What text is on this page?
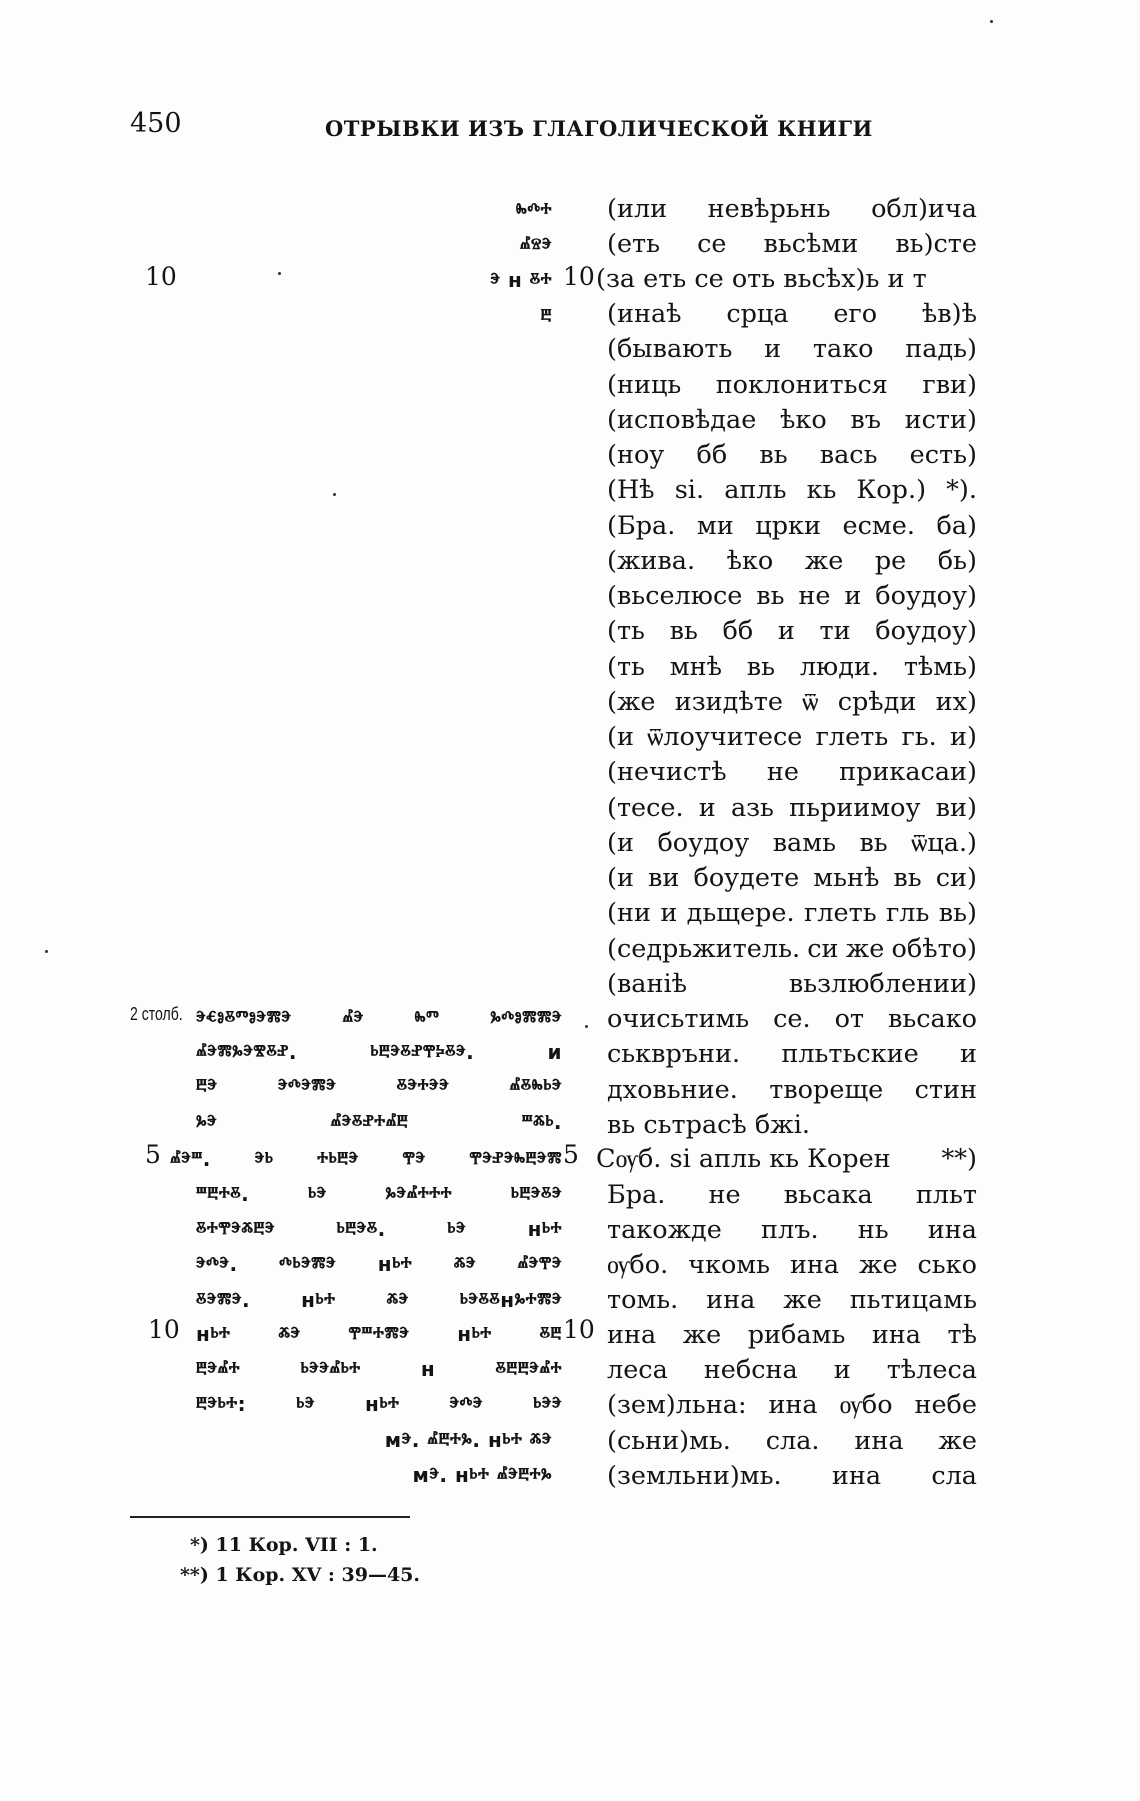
450	ОТРЫВКИ ИЗЪ ГЛАГОЛИЧЕСКОЙ КНИГИ
10	10
5	5
10	10
2 столб.
ⰸⰴⰰ
ⰼⱄⰵ
ⰵ н ⰻⰰ
ⰱ
ⰵⱔⱁⰻⱅⱁⰵⰿⰵ	ⰼⰵ	ⰸⱅ	ⰳⰴⱁⰿⰿⰵ
ⰼⰵⰿⰳⰵⰺⰻⱀ.	ⱃⰱⰵⰻⱀⰹⰽⰻⰵ.	и
ⰱⰵ	ⰵⰴⰵⰿⰵ	ⰻⰵⰰⰵⰵ	ⰼⰻⰸⱃⰵ
ⰳⰵ	ⰼⰵⰻⱀⰰⰼⰱ	ⱎⰶⱃ.
ⰼⰵⱎ. ⰵⱃ ⰰⱃⰱⰵ ⰹⰵ ⰹⰵⱀⰵⰸⰱⰵⰿ
ⱎⰱⰰⰻ.	ⱃⰵ	ⰳⰵⰼⰰⰰⰰ	ⱃⰱⰵⰻⰵ
ⰻⰰⰹⰵⰶⰱⰵ	ⱃⰱⰵⰻ.	ⱃⰵ	нⱃⰰ
ⰵⰴⰵ. ⰴⱃⰵⰿⰵ нⱃⰰ ⰶⰵ ⰼⰵⰹⰵ
ⰻⰵⰿⰵ.	нⱃⰰ	ⰶⰵ	ⱃⰵⰻⰻнⰳⰰⰿⰵ
нⱃⰰ ⰶⰵ ⰹⱎⰰⰿⰵ нⱃⰰ ⰻⰱ
ⰱⰵⰼⰰ	ⱃⰵⰵⰼⱃⰰ	н	ⰻⰱⰱⰵⰼⰰ
ⰱⰵⱃⰰ:	ⱃⰵ	нⱃⰰ	ⰵⰴⰵ	ⱃⰵⰵ
мⰵ. ⰼⰱⰰⰳ. нⱃⰰ ⰶⰵ
мⰵ. нⱃⰰ ⰼⰵⰱⰰⰳ
(или невѣрьнь обл)ича
(еть се вьсѣми вь)сте
(за еть се оть вьсѣх)ь и т
(инаѣ срца его ѣв)ѣ
(бывають и тако падь)
(ниць поклониться гви)
(исповѣдае ѣко въ исти)
(ноу бб вь вась есть)
(Нѣ ѕі. апль кь Кор.) *).
(Бра. ми црки есме. ба)
(жива. ѣко же ре бь)
(вьселюсе вь не и боудоу)
(ть вь бб и ти боудоу)
(ть мнѣ вь люди. тѣмь)
(же изидѣте ѿ срѣди их)
(и ѿлоучитесе глеть гь. и)
(нечистѣ не прикасаи)
(тесе. и азь пьриимоу ви)
(и боудоу вамь вь ѿца.)
(и ви боудете мьнѣ вь си)
(ни и дьщере. глеть гль вь)
(седрьжитель. си же обѣто)
(ванiѣ	вьзлюблении)
очисьтимь се. от вьсако
ськвръни. пльтьские и
дховьние. твореще стин
вь сьтрасѣ бжi.
Сѹб. ѕі апль кь Корен **)
Бра. не вьсака пльт
такожде плъ. нь ина
ѹбо. чкомь ина же сько
томь. ина же пьтицамь
ина же рибамь ина тѣ
леса небсна и тѣлеса
(зем)льна: ина ѹбо небе
(сьни)мь. сла. ина же
(земльни)мь. ина сла
*) 11 Кор. VII : 1.
**) 1 Кор. XV : 39—45.
